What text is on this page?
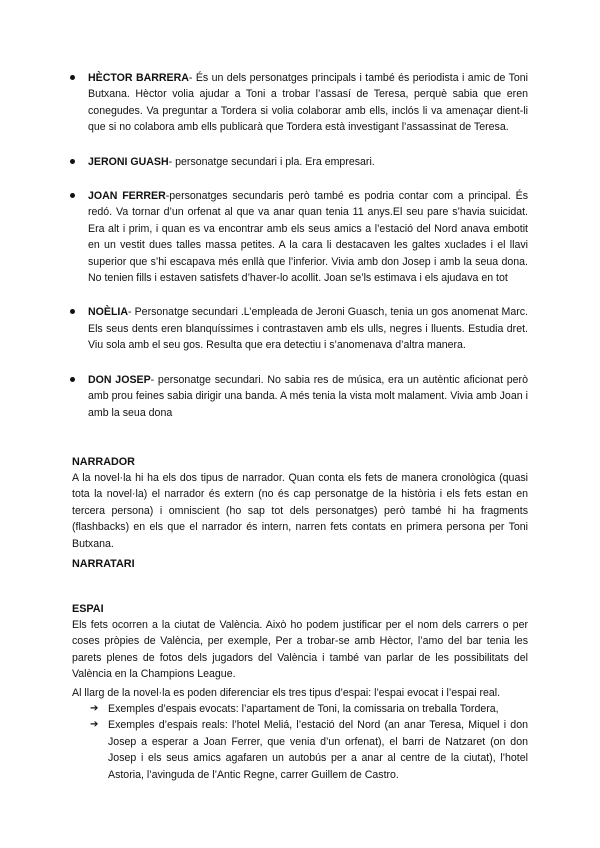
HÈCTOR BARRERA- És un dels personatges principals i també és periodista i amic de Toni Butxana. Hèctor volia ajudar a Toni a trobar l’assasí de Teresa, perquè sabia que eren conegudes. Va preguntar a Tordera si volia colaborar amb ells, inclós li va amenaçar dient-li que si no colabora amb ells publicarà que Tordera està investigant l’assassinat de Teresa.
JERONI GUASH- personatge secundari i pla. Era empresari.
JOAN FERRER-personatges secundaris però també es podria contar com a principal. És redó. Va tornar d’un orfenat al que va anar quan tenia 11 anys.El seu pare s’havia suicidat. Era alt i prim, i quan es va encontrar amb els seus amics a l’estació del Nord anava embotit en un vestit dues talles massa petites. A la cara li destacaven les galtes xuclades i el llavi superior que s’hi escapava més enllà que l’inferior. Vivia amb don Josep i amb la seua dona. No tenien fills i estaven satisfets d’haver-lo acollit. Joan se’ls estimava i els ajudava en tot
NOÈLIA- Personatge secundari .L’empleada de Jeroni Guasch, tenia un gos anomenat Marc. Els seus dents eren blanquíssimes i contrastaven amb els ulls, negres i lluents. Estudia dret. Viu sola amb el seu gos. Resulta que era detectiu i s’anomenava d’altra manera.
DON JOSEP- personatge secundari. No sabia res de música, era un autèntic aficionat però amb prou feines sabia dirigir una banda. A més tenia la vista molt malament. Vivia amb Joan i amb la seua dona
NARRADOR

A la novel·la hi ha els dos tipus de narrador. Quan conta els fets de manera cronològica (quasi tota la novel·la) el narrador és extern (no és cap personatge de la història i els fets estan en tercera persona) i omniscient (ho sap tot dels personatges) però també hi ha fragments (flashbacks) en els que el narrador és intern, narren fets contats en primera persona per Toni Butxana.

NARRATARI
ESPAI

Els fets ocorren a la ciutat de València. Això ho podem justificar per el nom dels carrers o per coses pròpies de València, per exemple, Per a trobar-se amb Hèctor, l’amo del bar tenia les parets plenes de fotos dels jugadors del València i també van parlar de les possibilitats del València en la Champions League.

Al llarg de la novel·la es poden diferenciar els tres tipus d’espai: l’espai evocat i l’espai real.

➔ Exemples d’espais evocats: l’apartament de Toni, la comissaria on treballa Tordera,
➔ Exemples d’espais reals: l’hotel Meliá, l’estació del Nord (an anar Teresa, Miquel i don Josep a esperar a Joan Ferrer, que venia d’un orfenat), el barri de Natzaret (on don Josep i els seus amics agafaren un autobús per a anar al centre de la ciutat), l’hotel Astoria, l’avinguda de l’Antic Regne, carrer Guillem de Castro.
